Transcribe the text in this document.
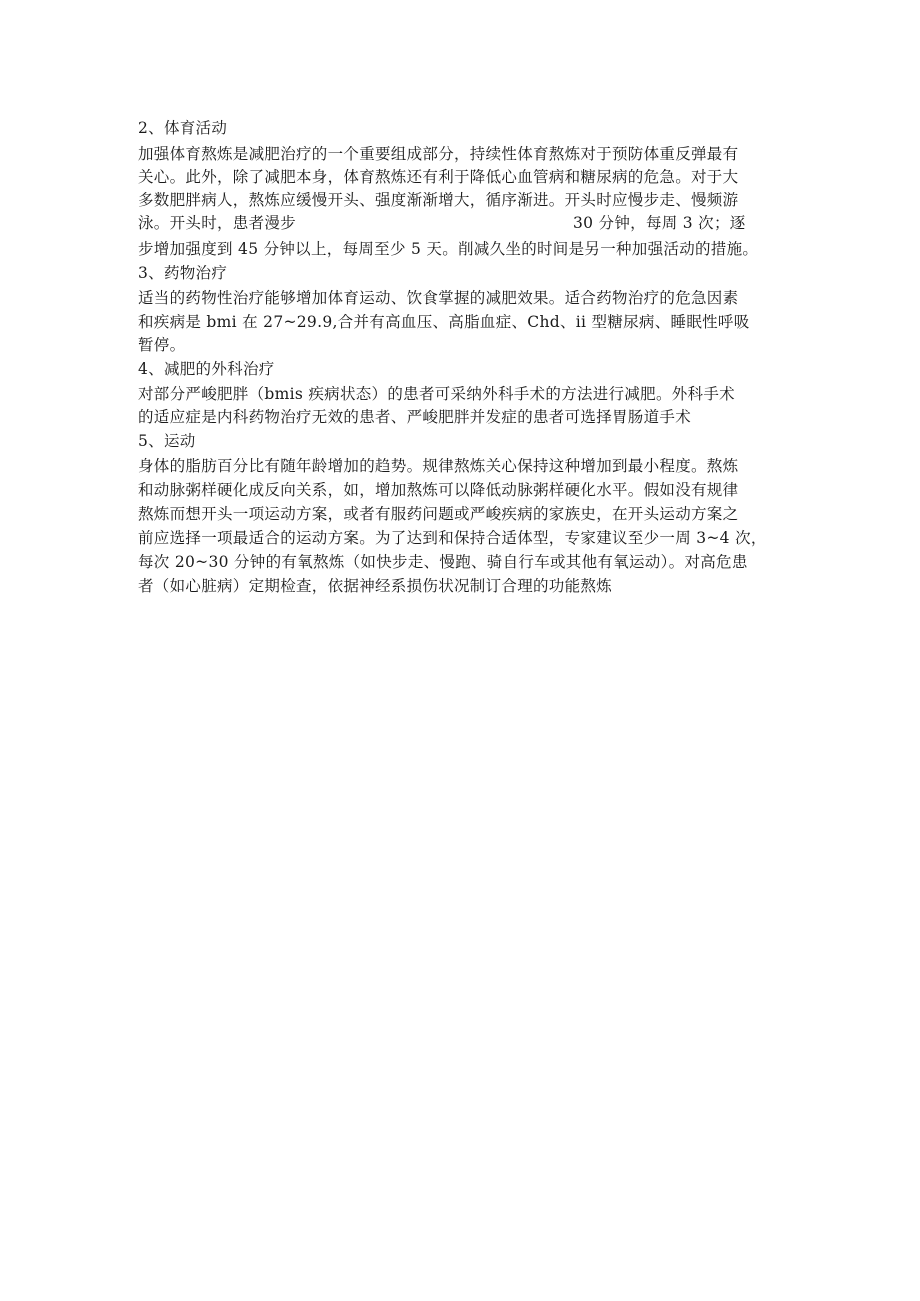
2、体育活动
加强体育熬炼是减肥治疗的一个重要组成部分，持续性体育熬炼对于预防体重反弹最有
关心。此外，除了减肥本身，体育熬炼还有利于降低心血管病和糖尿病的危急。对于大
多数肥胖病人，熬炼应缓慢开头、强度渐渐增大，循序渐进。开头时应慢步走、慢频游
泳。开头时，患者漫步	30 分钟，每周 3 次；逐
步增加强度到 45 分钟以上，每周至少 5 天。削减久坐的时间是另一种加强活动的措施。
3、药物治疗
适当的药物性治疗能够增加体育运动、饮食掌握的减肥效果。适合药物治疗的危急因素
和疾病是 bmi 在 27~29.9,合并有高血压、高脂血症、Chd、ii 型糖尿病、睡眠性呼吸
暂停。
4、减肥的外科治疗
对部分严峻肥胖（bmis 疾病状态）的患者可采纳外科手术的方法进行减肥。外科手术
的适应症是内科药物治疗无效的患者、严峻肥胖并发症的患者可选择胃肠道手术
5、运动
身体的脂肪百分比有随年龄增加的趋势。规律熬炼关心保持这种增加到最小程度。熬炼
和动脉粥样硬化成反向关系，如，增加熬炼可以降低动脉粥样硬化水平。假如没有规律
熬炼而想开头一项运动方案，或者有服药问题或严峻疾病的家族史，在开头运动方案之
前应选择一项最适合的运动方案。为了达到和保持合适体型，专家建议至少一周 3~4 次，
每次 20~30 分钟的有氧熬炼（如快步走、慢跑、骑自行车或其他有氧运动）。对高危患
者（如心脏病）定期检查，依据神经系损伤状况制订合理的功能熬炼
